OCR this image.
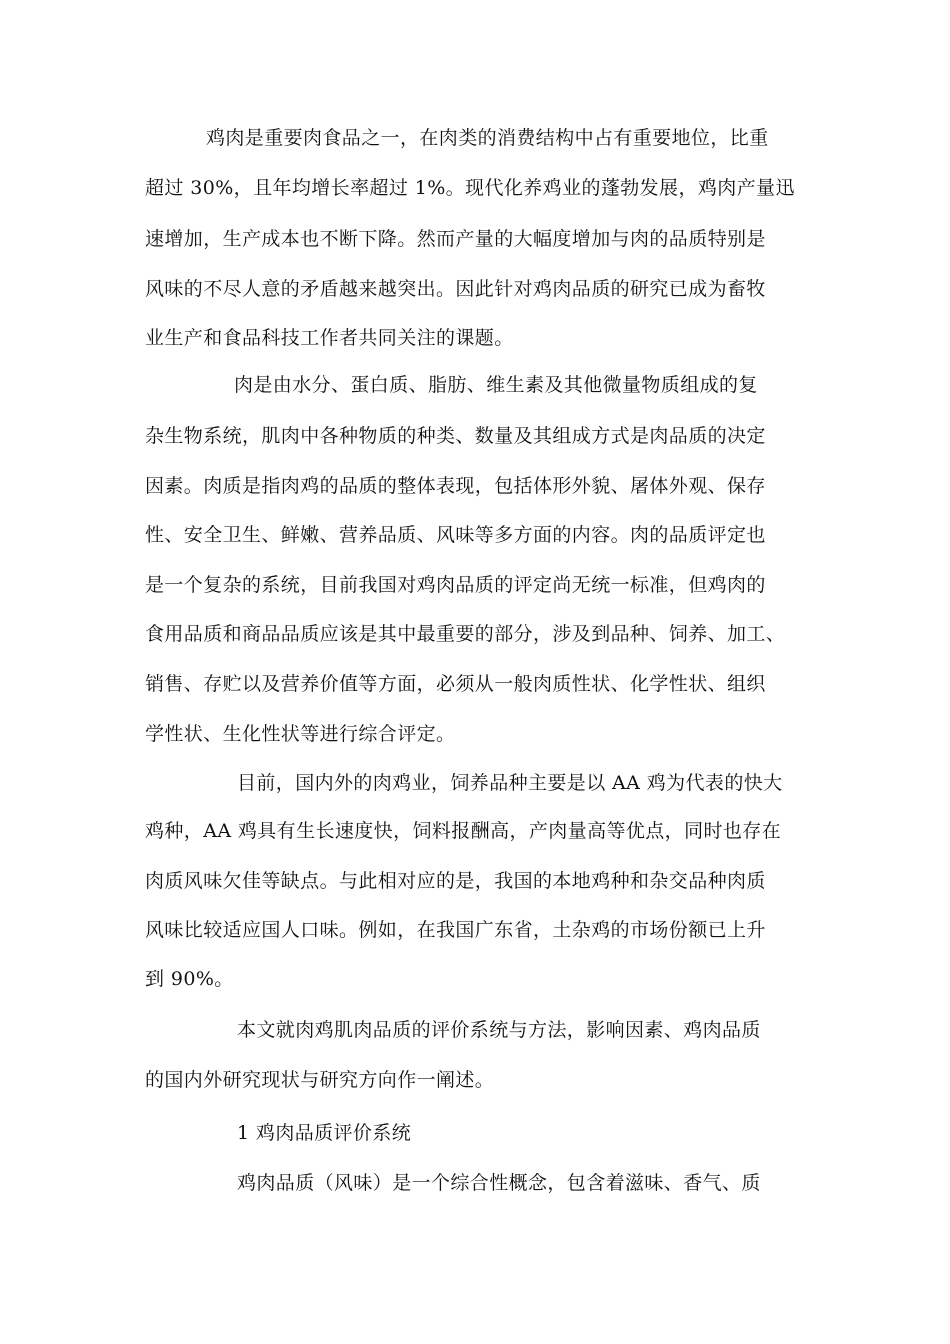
鸡肉是重要肉食品之一，在肉类的消费结构中占有重要地位，比重
超过 30%，且年均增长率超过 1%。现代化养鸡业的蓬勃发展，鸡肉产量迅
速增加，生产成本也不断下降。然而产量的大幅度增加与肉的品质特别是
风味的不尽人意的矛盾越来越突出。因此针对鸡肉品质的研究已成为畜牧
业生产和食品科技工作者共同关注的课题。
肉是由水分、蛋白质、脂肪、维生素及其他微量物质组成的复
杂生物系统，肌肉中各种物质的种类、数量及其组成方式是肉品质的决定
因素。肉质是指肉鸡的品质的整体表现，包括体形外貌、屠体外观、保存
性、安全卫生、鲜嫩、营养品质、风味等多方面的内容。肉的品质评定也
是一个复杂的系统，目前我国对鸡肉品质的评定尚无统一标准，但鸡肉的
食用品质和商品品质应该是其中最重要的部分，涉及到品种、饲养、加工、
销售、存贮以及营养价值等方面，必须从一般肉质性状、化学性状、组织
学性状、生化性状等进行综合评定。
目前，国内外的肉鸡业，饲养品种主要是以 AA 鸡为代表的快大
鸡种，AA 鸡具有生长速度快，饲料报酬高，产肉量高等优点，同时也存在
肉质风味欠佳等缺点。与此相对应的是，我国的本地鸡种和杂交品种肉质
风味比较适应国人口味。例如，在我国广东省，土杂鸡的市场份额已上升
到 90%。
本文就肉鸡肌肉品质的评价系统与方法，影响因素、鸡肉品质
的国内外研究现状与研究方向作一阐述。
1 鸡肉品质评价系统
鸡肉品质（风味）是一个综合性概念，包含着滋味、香气、质
